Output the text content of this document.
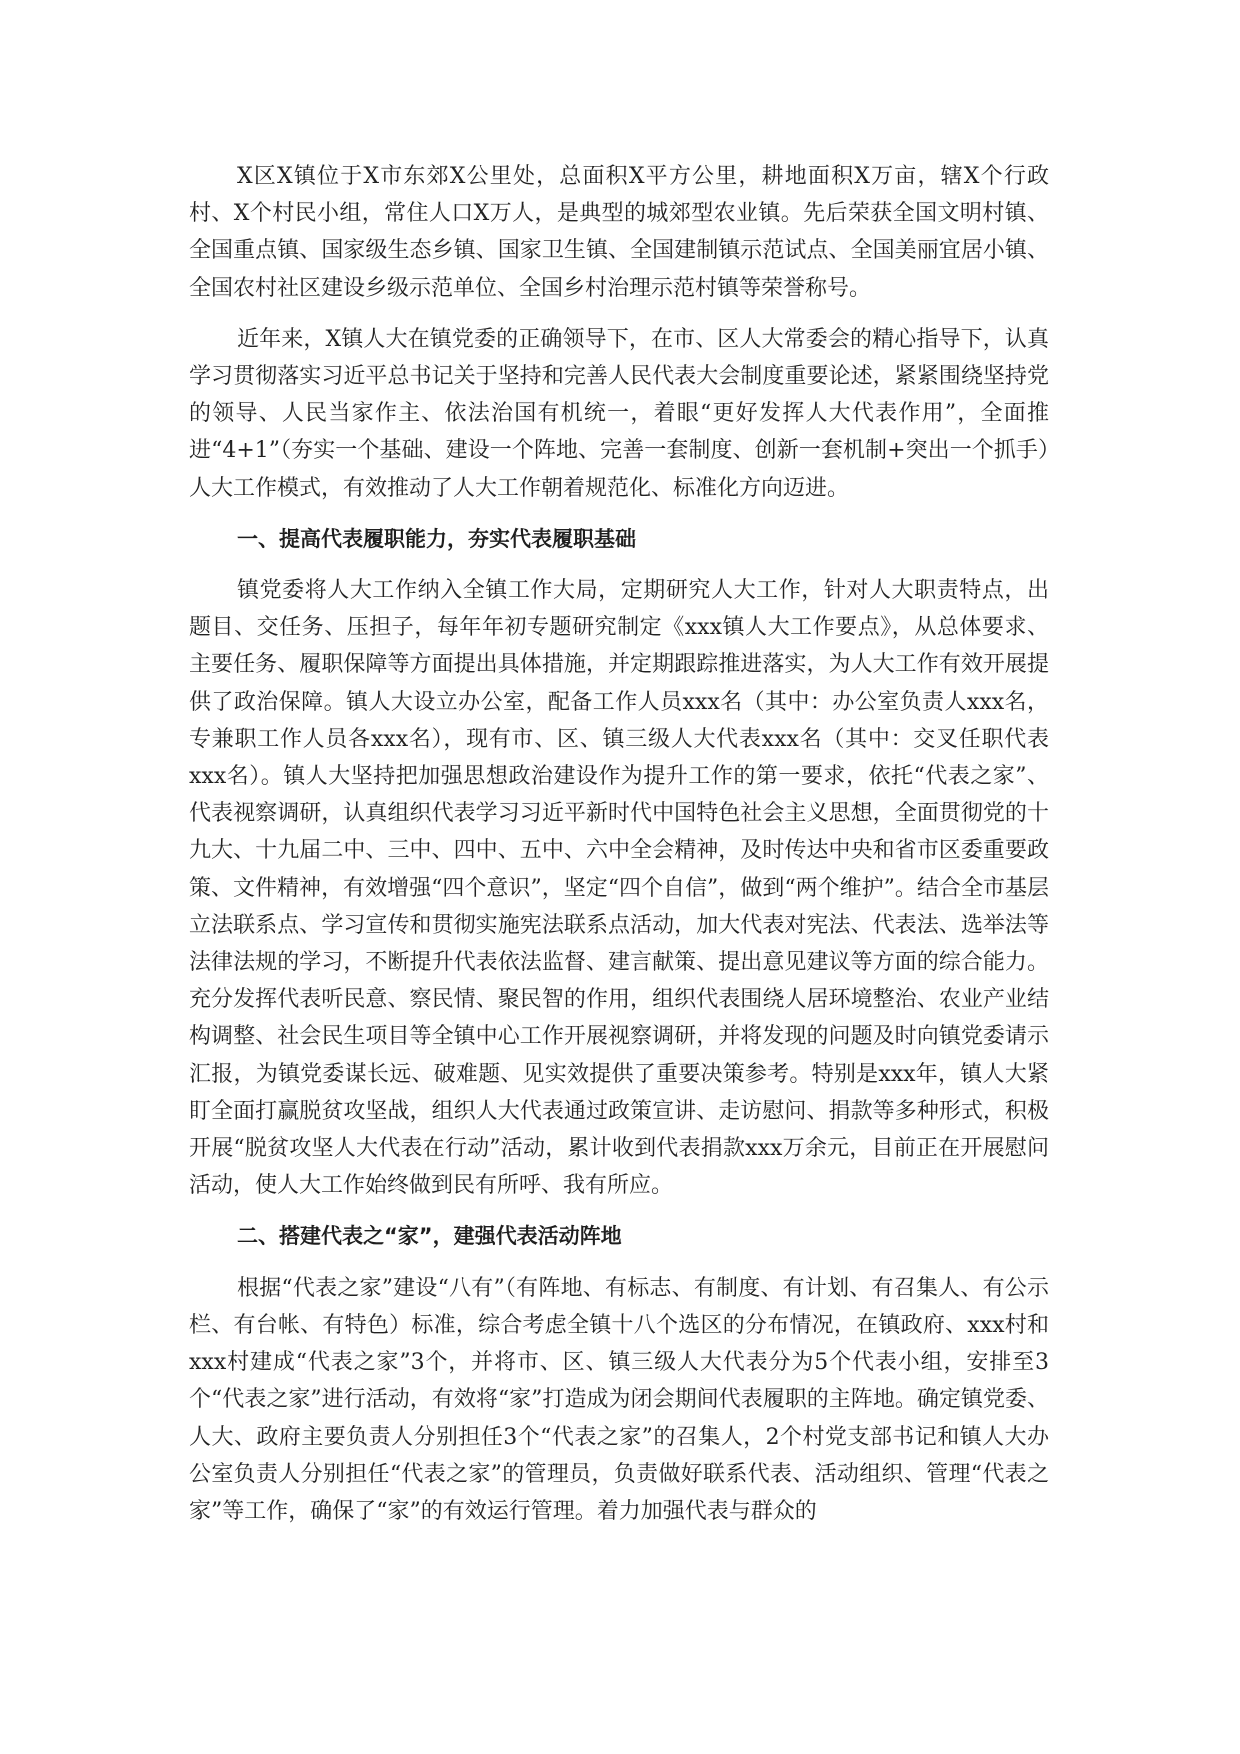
X区X镇位于X市东郊X公里处，总面积X平方公里，耕地面积X万亩，辖X个行政村、X个村民小组，常住人口X万人，是典型的城郊型农业镇。先后荣获全国文明村镇、全国重点镇、国家级生态乡镇、国家卫生镇、全国建制镇示范试点、全国美丽宜居小镇、全国农村社区建设乡级示范单位、全国乡村治理示范村镇等荣誉称号。

近年来，X镇人大在镇党委的正确领导下，在市、区人大常委会的精心指导下，认真学习贯彻落实习近平总书记关于坚持和完善人民代表大会制度重要论述，紧紧围绕坚持党的领导、人民当家作主、依法治国有机统一，着眼“更好发挥人大代表作用”，全面推进“4+1”（夯实一个基础、建设一个阵地、完善一套制度、创新一套机制+突出一个抓手）人大工作模式，有效推动了人大工作朝着规范化、标准化方向迈进。

一、提高代表履职能力，夯实代表履职基础

镇党委将人大工作纳入全镇工作大局，定期研究人大工作，针对人大职责特点，出题目、交任务、压担子，每年年初专题研究制定《xxx镇人大工作要点》，从总体要求、主要任务、履职保障等方面提出具体措施，并定期跟踪推进落实，为人大工作有效开展提供了政治保障。镇人大设立办公室，配备工作人员xxx名（其中：办公室负责人xxx名，专兼职工作人员各xxx名），现有市、区、镇三级人大代表xxx名（其中：交叉任职代表xxx名）。镇人大坚持把加强思想政治建设作为提升工作的第一要求，依托“代表之家”、代表视察调研，认真组织代表学习习近平新时代中国特色社会主义思想，全面贯彻党的十九大、十九届二中、三中、四中、五中、六中全会精神，及时传达中央和省市区委重要政策、文件精神，有效增强“四个意识”，坚定“四个自信”，做到“两个维护”。结合全市基层立法联系点、学习宣传和贯彻实施宪法联系点活动，加大代表对宪法、代表法、选举法等法律法规的学习，不断提升代表依法监督、建言献策、提出意见建议等方面的综合能力。充分发挥代表听民意、察民情、聚民智的作用，组织代表围绕人居环境整治、农业产业结构调整、社会民生项目等全镇中心工作开展视察调研，并将发现的问题及时向镇党委请示汇报，为镇党委谋长远、破难题、见实效提供了重要决策参考。特别是xxx年，镇人大紧盯全面打赢脱贫攻坚战，组织人大代表通过政策宣讲、走访慰问、捐款等多种形式，积极开展“脱贫攻坚人大代表在行动”活动，累计收到代表捐款xxx万余元，目前正在开展慰问活动，使人大工作始终做到民有所呼、我有所应。

二、搭建代表之“家”，建强代表活动阵地

根据“代表之家”建设“八有”（有阵地、有标志、有制度、有计划、有召集人、有公示栏、有台帐、有特色）标准，综合考虑全镇十八个选区的分布情况，在镇政府、xxx村和xxx村建成“代表之家”3个，并将市、区、镇三级人大代表分为5个代表小组，安排至3个“代表之家”进行活动，有效将“家”打造成为闭会期间代表履职的主阵地。确定镇党委、人大、政府主要负责人分别担任3个“代表之家”的召集人，2个村党支部书记和镇人大办公室负责人分别担任“代表之家”的管理员，负责做好联系代表、活动组织、管理“代表之家”等工作，确保了“家”的有效运行管理。着力加强代表与群众的
